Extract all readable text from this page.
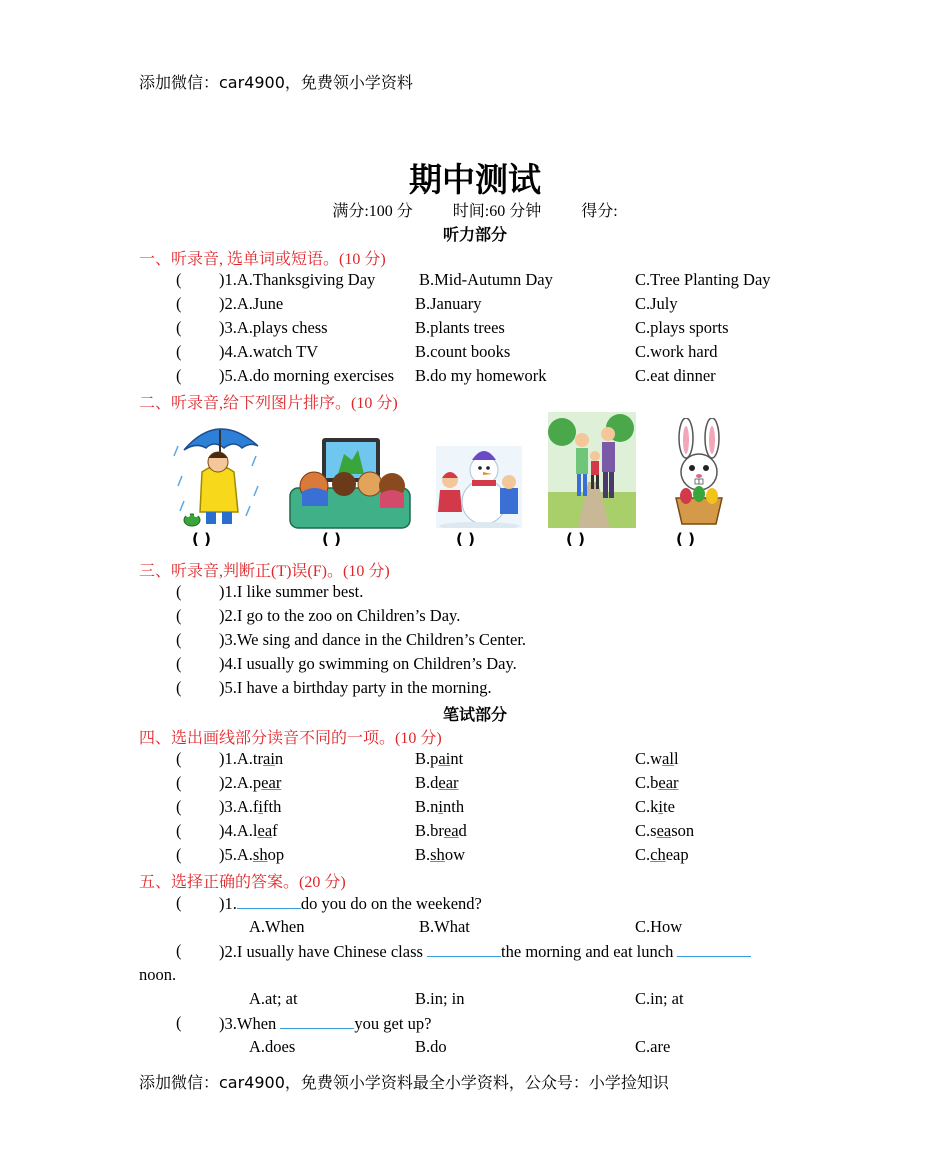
添加微信：car4900，免费领小学资料
期中测试
满分:100 分	时间:60 分钟	得分:
听力部分
一、听录音, 选单词或短语。(10 分)
( )1.A.Thanksgiving Day	B.Mid-Autumn Day	C.Tree Planting Day
( )2.A.June	B.January	C.July
( )3.A.plays chess	B.plants trees	C.plays sports
( )4.A.watch TV	B.count books	C.work hard
( )5.A.do morning exercises B.do my homework	C.eat dinner
二、听录音,给下列图片排序。(10 分)
( )	( )	( )	( )	( )
三、听录音,判断正(T)误(F)。(10 分)
( )1.I like summer best.
( )2.I go to the zoo on Children’s Day.
( )3.We sing and dance in the Children’s Center.
( )4.I usually go swimming on Children’s Day.
( )5.I have a birthday party in the morning.
笔试部分
四、选出画线部分读音不同的一项。(10 分)
( )1.A.train	B.paint	C.wall
( )2.A.pear	B.dear	C.bear
( )3.A.fifth	B.ninth	C.kite
( )4.A.leaf	B.bread	C.season
( )5.A.shop	B.show	C.cheap
五、选择正确的答案。(20 分)
( )1.	do you do on the weekend?
A.When	B.What	C.How
( )2.I usually have Chinese class	the morning and eat lunch
noon.
A.at; at	B.in; in	C.in; at
( )3.When	you get up?
A.does	B.do	C.are
添加微信：car4900，免费领小学资料最全小学资料，公众号：小学捡知识
